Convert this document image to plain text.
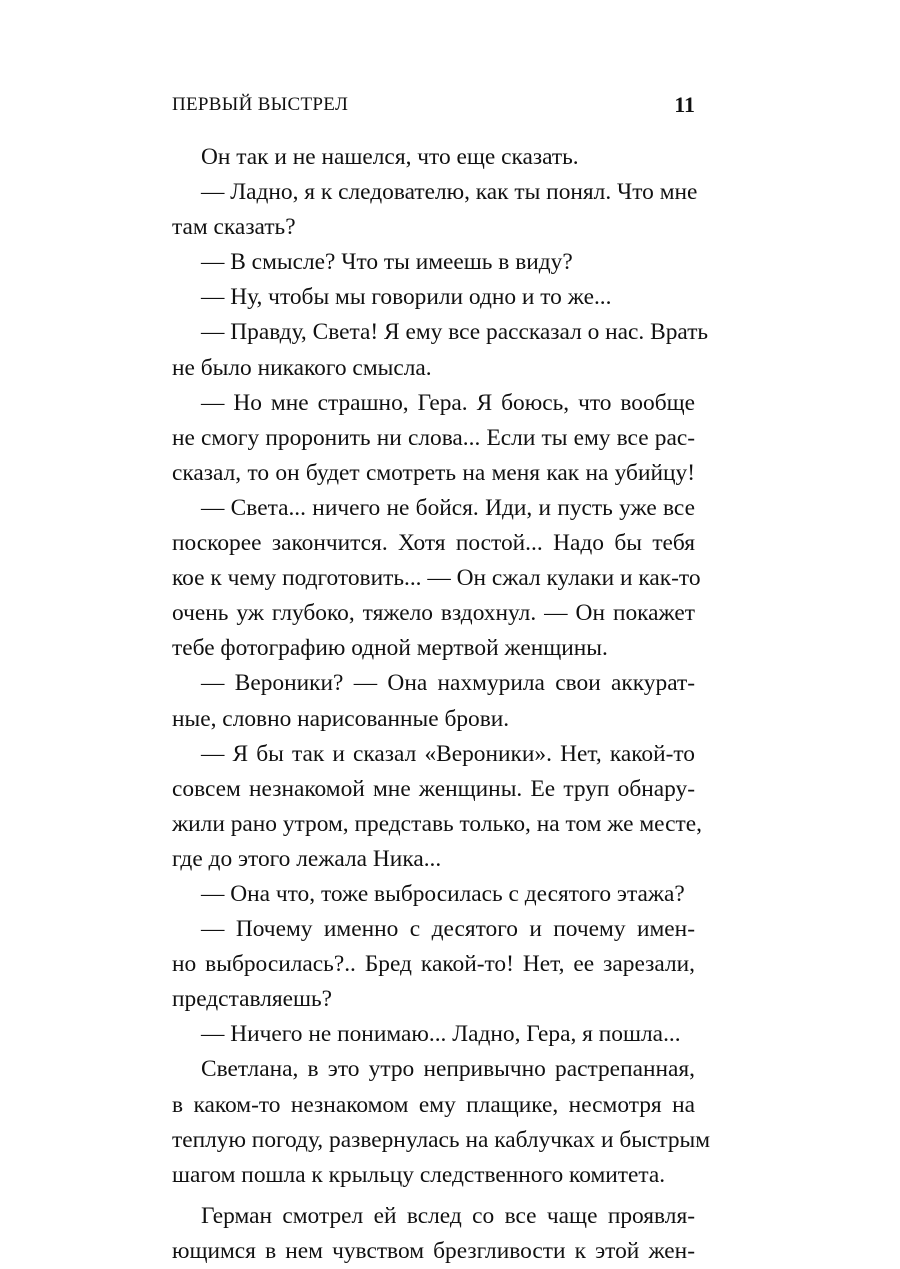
ПЕРВЫЙ ВЫСТРЕЛ	11
Он так и не нашелся, что еще сказать.
— Ладно, я к следователю, как ты понял. Что мне
там сказать?
— В смысле? Что ты имеешь в виду?
— Ну, чтобы мы говорили одно и то же...
— Правду, Света! Я ему все рассказал о нас. Врать
не было никакого смысла.
— Но мне страшно, Гера. Я боюсь, что вообще
не смогу проронить ни слова... Если ты ему все рас-
сказал, то он будет смотреть на меня как на убийцу!
— Света... ничего не бойся. Иди, и пусть уже все
поскорее закончится. Хотя постой... Надо бы тебя
кое к чему подготовить... — Он сжал кулаки и как-то
очень уж глубоко, тяжело вздохнул. — Он покажет
тебе фотографию одной мертвой женщины.
— Вероники? — Она нахмурила свои аккурат-
ные, словно нарисованные брови.
— Я бы так и сказал «Вероники». Нет, какой-то
совсем незнакомой мне женщины. Ее труп обнару-
жили рано утром, представь только, на том же месте,
где до этого лежала Ника...
— Она что, тоже выбросилась с десятого этажа?
— Почему именно с десятого и почему имен-
но выбросилась?.. Бред какой-то! Нет, ее зарезали,
представляешь?
— Ничего не понимаю... Ладно, Гера, я пошла...
Светлана, в это утро непривычно растрепанная,
в каком-то незнакомом ему плащике, несмотря на
теплую погоду, развернулась на каблучках и быстрым
шагом пошла к крыльцу следственного комитета.
Герман смотрел ей вслед со все чаще проявля-
ющимся в нем чувством брезгливости к этой жен-
